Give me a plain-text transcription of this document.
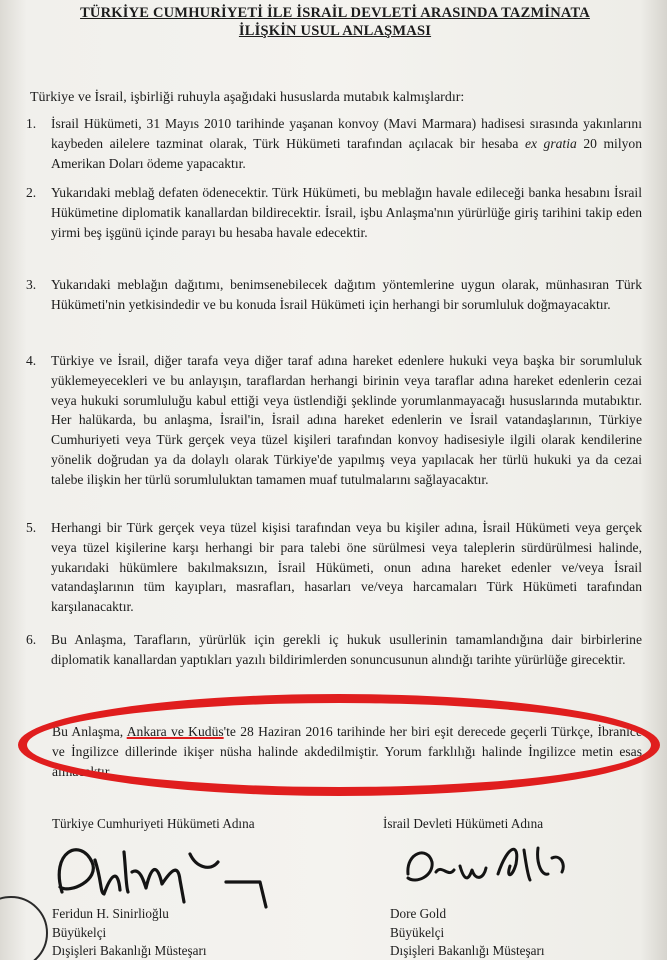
TÜRKİYE CUMHURİYETİ İLE İSRAİL DEVLETİ ARASINDA TAZMİNATA
İLİŞKİN USUL ANLAŞMASI
Türkiye ve İsrail, işbirliği ruhuyla aşağıdaki hususlarda mutabık kalmışlardır:
1.	İsrail Hükümeti, 31 Mayıs 2010 tarihinde yaşanan konvoy (Mavi Marmara) hadisesi sırasında yakınlarını kaybeden ailelere tazminat olarak, Türk Hükümeti tarafından açılacak bir hesaba ex gratia 20 milyon Amerikan Doları ödeme yapacaktır.
2.	Yukarıdaki meblağ defaten ödenecektir. Türk Hükümeti, bu meblağın havale edileceği banka hesabını İsrail Hükümetine diplomatik kanallardan bildirecektir. İsrail, işbu Anlaşma'nın yürürlüğe giriş tarihini takip eden yirmi beş işgünü içinde parayı bu hesaba havale edecektir.
3.	Yukarıdaki meblağın dağıtımı, benimsenebilecek dağıtım yöntemlerine uygun olarak, münhasıran Türk Hükümeti'nin yetkisindedir ve bu konuda İsrail Hükümeti için herhangi bir sorumluluk doğmayacaktır.
4.	Türkiye ve İsrail, diğer tarafa veya diğer taraf adına hareket edenlere hukuki veya başka bir sorumluluk yüklemeyecekleri ve bu anlayışın, taraflardan herhangi birinin veya taraflar adına hareket edenlerin cezai veya hukuki sorumluluğu kabul ettiği veya üstlendiği şeklinde yorumlanmayacağı hususlarında mutabıktır. Her halükarda, bu anlaşma, İsrail'in, İsrail adına hareket edenlerin ve İsrail vatandaşlarının, Türkiye Cumhuriyeti veya Türk gerçek veya tüzel kişileri tarafından konvoy hadisesiyle ilgili olarak kendilerine yönelik doğrudan ya da dolaylı olarak Türkiye'de yapılmış veya yapılacak her türlü hukuki ya da cezai talebe ilişkin her türlü sorumluluktan tamamen muaf tutulmalarını sağlayacaktır.
5.	Herhangi bir Türk gerçek veya tüzel kişisi tarafından veya bu kişiler adına, İsrail Hükümeti veya gerçek veya tüzel kişilerine karşı herhangi bir para talebi öne sürülmesi veya taleplerin sürdürülmesi halinde, yukarıdaki hükümlere bakılmaksızın, İsrail Hükümeti, onun adına hareket edenler ve/veya İsrail vatandaşlarının tüm kayıpları, masrafları, hasarları ve/veya harcamaları Türk Hükümeti tarafından karşılanacaktır.
6.	Bu Anlaşma, Tarafların, yürürlük için gerekli iç hukuk usullerinin tamamlandığına dair birbirlerine diplomatik kanallardan yaptıkları yazılı bildirimlerden sonuncusunun alındığı tarihte yürürlüğe girecektir.
Bu Anlaşma, Ankara ve Kudüs'te 28 Haziran 2016 tarihinde her biri eşit derecede geçerli Türkçe, İbranice ve İngilizce dillerinde ikişer nüsha halinde akdedilmiştir. Yorum farklılığı halinde İngilizce metin esas alınacaktır.
Türkiye Cumhuriyeti Hükümeti Adına	İsrail Devleti Hükümeti Adına
Feridun H. Sinirlioğlu
Büyükelçi
Dışişleri Bakanlığı Müsteşarı
Dore Gold
Büyükelçi
Dışişleri Bakanlığı Müsteşarı
